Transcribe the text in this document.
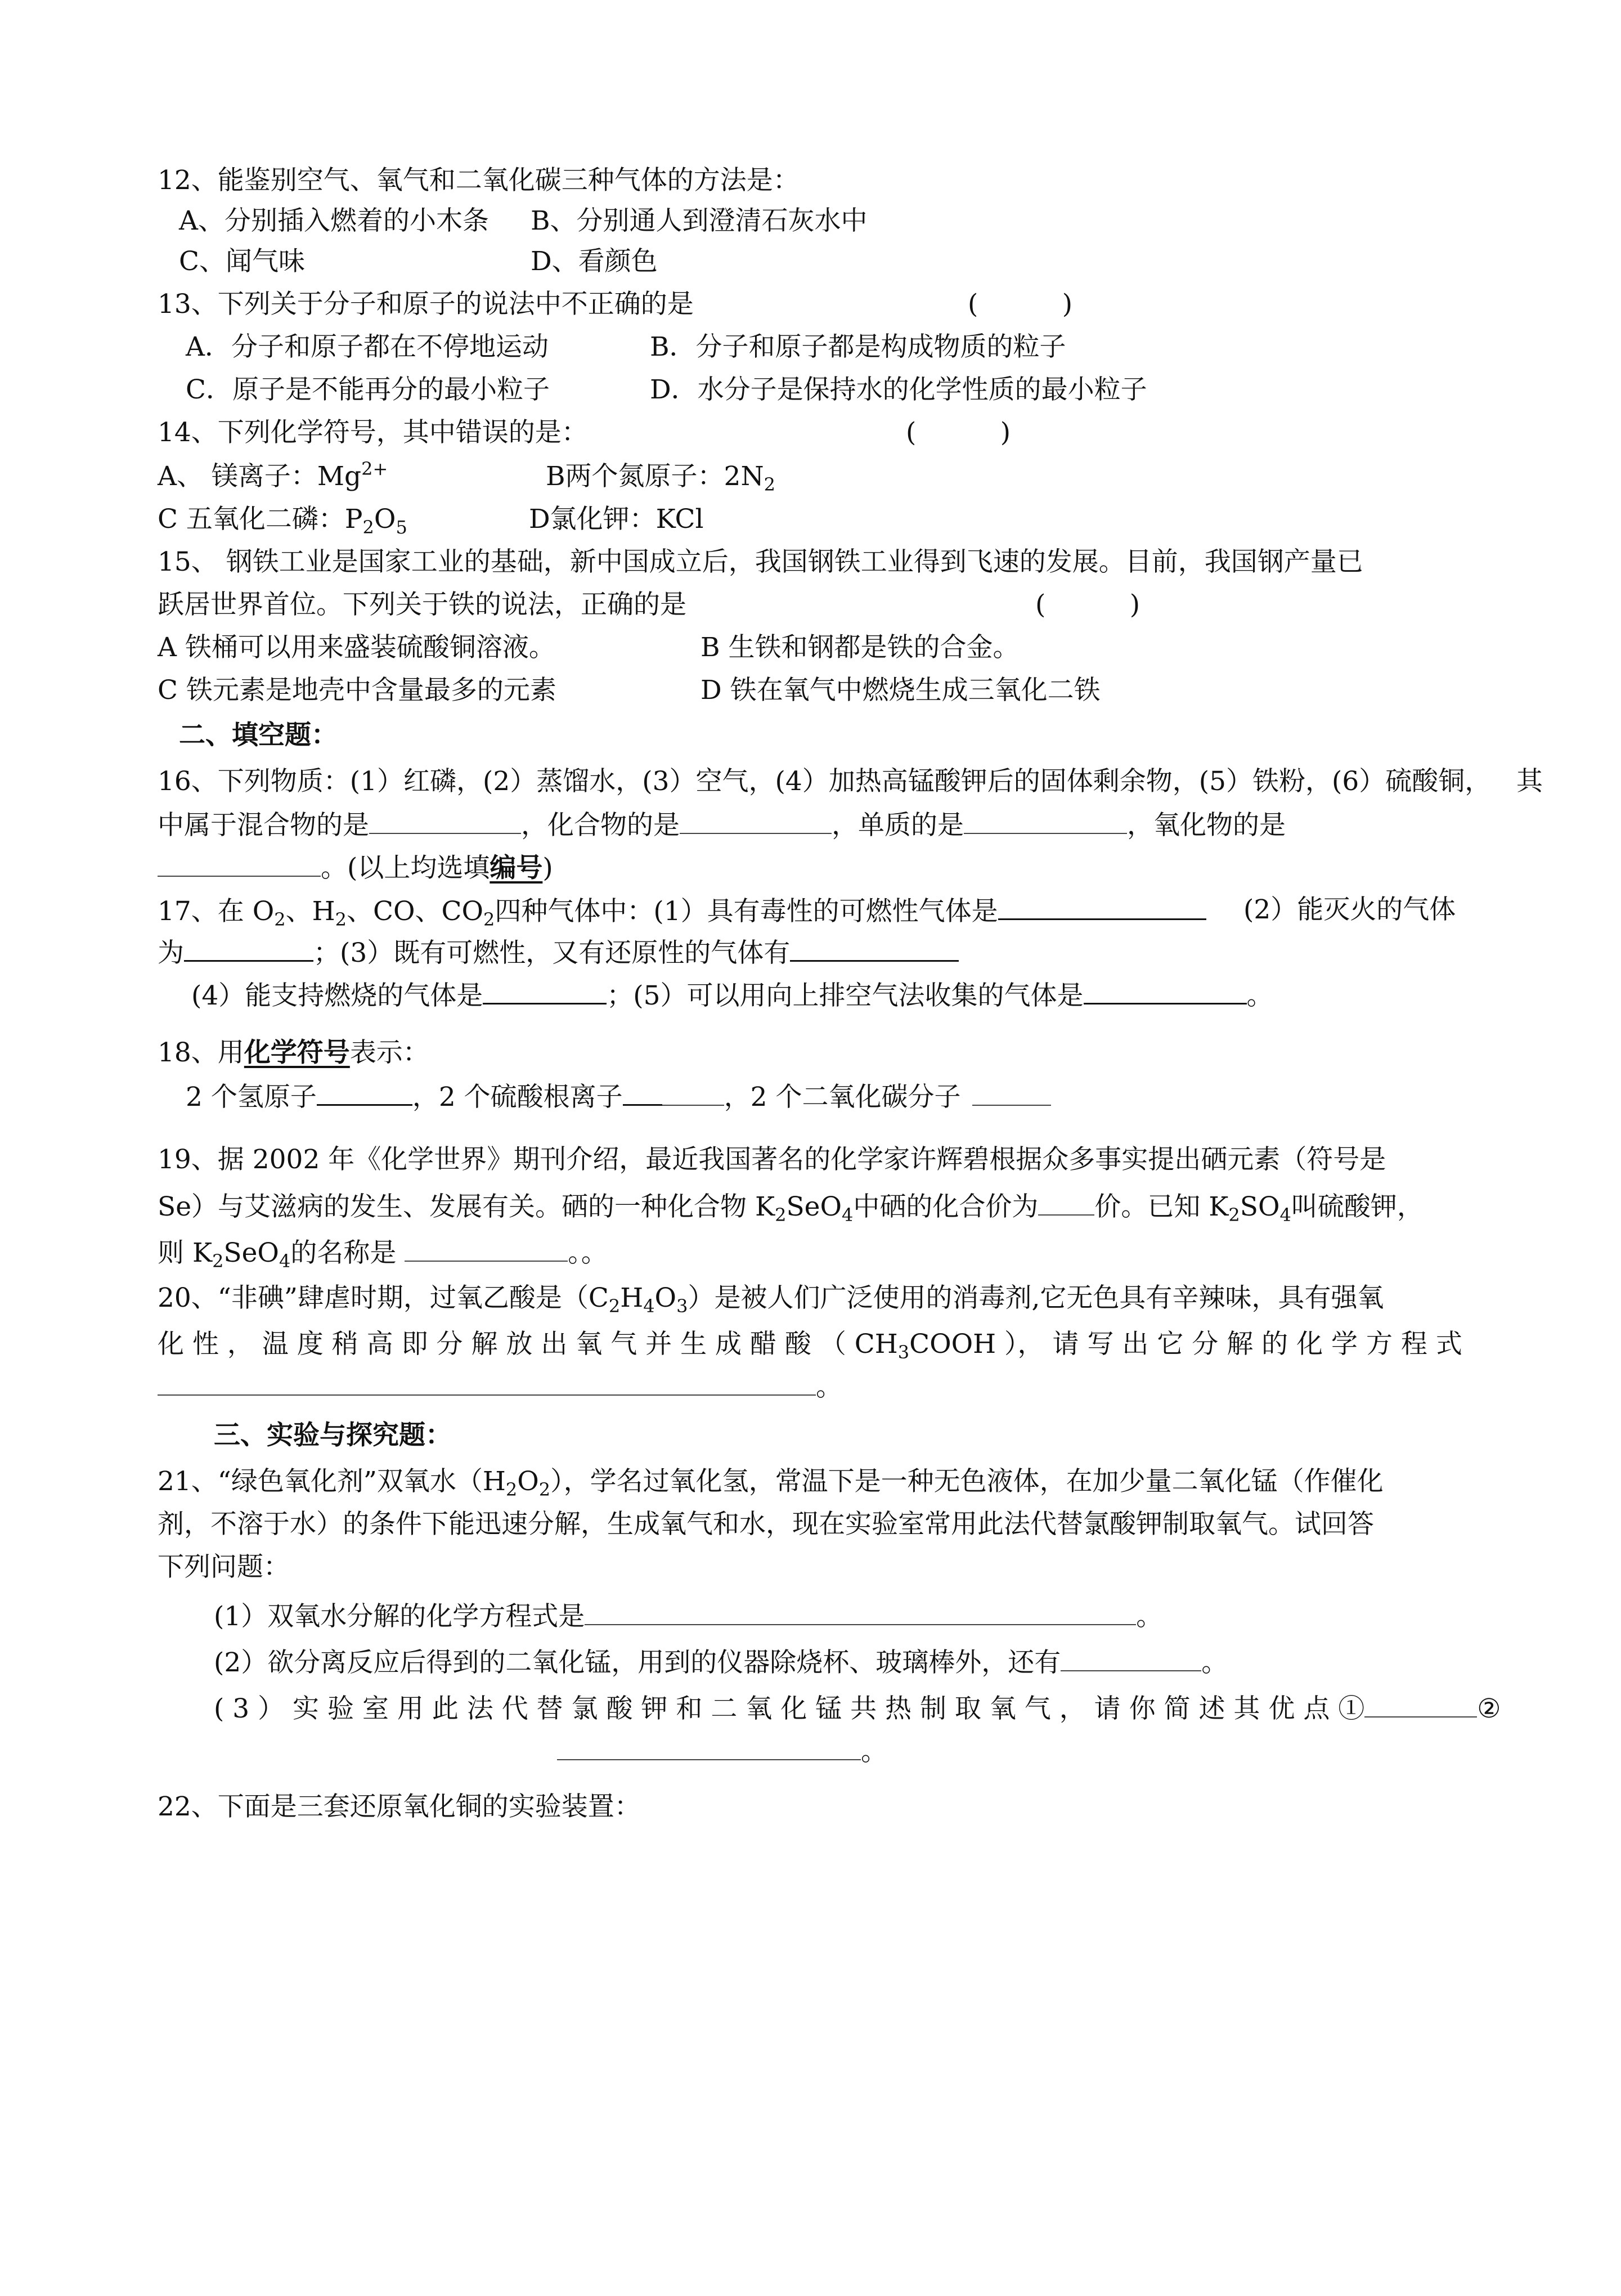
12、能鉴别空气、氧气和二氧化碳三种气体的方法是：

A、分别插入燃着的小木条 B、分别通人到澄清石灰水中

C、闻气味	D、看颜色

13、下列关于分子和原子的说法中不正确的是	(          )

A．分子和原子都在不停地运动	B．分子和原子都是构成物质的粒子

C．原子是不能再分的最小粒子	D．水分子是保持水的化学性质的最小粒子

14、下列化学符号，其中错误的是：	(          )

A、 镁离子：$Mg^{2+}$	B两个氮原子：$2N_2$

C 五氧化二磷：$P_2O_5$	D氯化钾：KCl

15、 钢铁工业是国家工业的基础，新中国成立后，我国钢铁工业得到飞速的发展。目前，我国钢产量已

跃居世界首位。下列关于铁的说法，正确的是	(          )

A 铁桶可以用来盛装硫酸铜溶液。	B 生铁和钢都是铁的合金。

C 铁元素是地壳中含量最多的元素	D 铁在氧气中燃烧生成三氧化二铁

二、填空题：

16、下列物质：(1）红磷，(2）蒸馏水，(3）空气，(4）加热高锰酸钾后的固体剩余物，(5）铁粉，(6）硫酸铜，   其

中属于混合物的是	，化合物的是	，单质的是	，氧化物的是

。(以上均选填编号)

17、在 $O_2$、$H_2$、CO、$CO_2$四种气体中：(1）具有毒性的可燃性气体是	(2）能灭火的气体

为	；(3）既有可燃性，又有还原性的气体有

(4）能支持燃烧的气体是	；(5）可以用向上排空气法收集的气体是	。

18、用化学符号表示：

2 个氢原子	，2 个硫酸根离子	，2 个二氧化碳分子

19、据 2002 年《化学世界》期刊介绍，最近我国著名的化学家许辉碧根据众多事实提出硒元素（符号是

Se）与艾滋病的发生、发展有关。硒的一种化合物 $K_2SeO_4$中硒的化合价为 价。已知 $K_2SO_4$叫硫酸钾，

则 $K_2SeO_4$的名称是	。。

20、“非碘”肆虐时期，过氧乙酸是$(C_2H_4O_3)$是被人们广泛使用的消毒剂,它无色具有辛辣味，具有强氧

化 性 ， 温 度 稍 高 即 分 解 放 出 氧 气 并 生 成 醋 酸 （ $CH_3COOH$ ）， 请 写 出 它 分 解 的 化 学 方 程 式

。

三、实验与探究题：

21、“绿色氧化剂”双氧水$(H_2O_2)$，学名过氧化氢，常温下是一种无色液体，在加少量二氧化锰（作催化

剂，不溶于水）的条件下能迅速分解，生成氧气和水，现在实验室常用此法代替氯酸钾制取氧气。试回答

下列问题：

(1）双氧水分解的化学方程式是	。

(2）欲分离反应后得到的二氧化锰，用到的仪器除烧杯、玻璃棒外，还有	。

( 3 ） 实 验 室 用 此 法 代 替 氯 酸 钾 和 二 氧 化 锰 共 热 制 取 氧 气 ， 请 你 简 述 其 优 点 ①	②

。

22、下面是三套还原氧化铜的实验装置：
